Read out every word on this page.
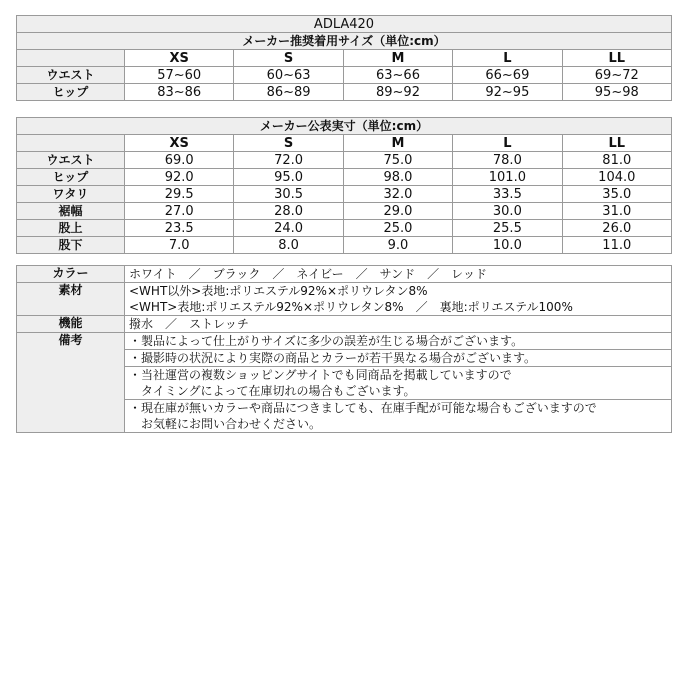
ADLA420					
メーカー推奨着用サイズ（単位:cm）					
	XS	S	M	L	LL
ウエスト	57~60	60~63	63~66	66~69	69~72
ヒップ	83~86	86~89	89~92	92~95	95~98
メーカー公表実寸（単位:cm）					
	XS	S	M	L	LL
ウエスト	69.0	72.0	75.0	78.0	81.0
ヒップ	92.0	95.0	98.0	101.0	104.0
ワタリ	29.5	30.5	32.0	33.5	35.0
裾幅	27.0	28.0	29.0	30.0	31.0
股上	23.5	24.0	25.0	25.5	26.0
股下	7.0	8.0	9.0	10.0	11.0
カラー	ホワイト　／　ブラック　／　ネイビー　／　サンド　／　レッド
素材	<WHT以外>表地:ポリエステル92%×ポリウレタン8%
	<WHT>表地:ポリエステル92%×ポリウレタン8%　／　裏地:ポリエステル100%
機能	撥水　／　ストレッチ
備考	・製品によって仕上がりサイズに多少の誤差が生じる場合がございます。
	・撮影時の状況により実際の商品とカラーが若干異なる場合がございます。
	・当社運営の複数ショッピングサイトでも同商品を掲載していますので
	　タイミングによって在庫切れの場合もございます。
	・現在庫が無いカラーや商品につきましても、在庫手配が可能な場合もございますので
	　お気軽にお問い合わせください。
